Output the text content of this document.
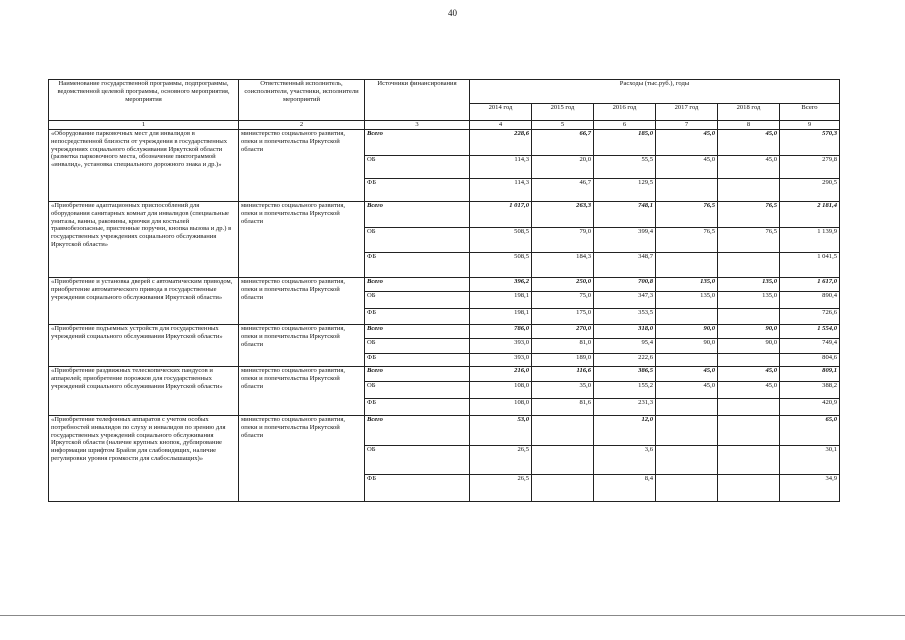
40
Наименование государственной программы, подпрограммы, ведомственной целевой программы, основного мероприятия, мероприятия	Ответственный исполнитель, соисполнители, участники, исполнители мероприятий	Источники финансирования	Расходы (тыс.руб.), годы					
			2014 год	2015 год	2016 год	2017 год	2018 год	Всего
1	2	3	4	5	6	7	8	9
«Оборудование парковочных мест для инвалидов в непосредственной близости от учреждения в государственных учреждениях социального обслуживания Иркутской области (разметка парковочного места, обозначение пиктограммой «инвалид», установка специального дорожного знака и др.)»	министерство социального развития, опеки и попечительства Иркутской области	Всего	228,6	66,7	185,0	45,0	45,0	570,3

		ОБ	114,3	20,0	55,5	45,0	45,0	279,8

		ФБ	114,3	46,7	129,5			290,5
«Приобретение адаптационных приспособлений для оборудования санитарных комнат для инвалидов (специальные унитазы, ванны, раковины, крючки для костылей травмобезопасные, пристенные поручни, кнопка вызова и др.) в государственных учреждениях социального обслуживания Иркутской области»	министерство социального развития, опеки и попечительства Иркутской области	Всего	1 017,0	263,3	748,1	76,5	76,5	2 181,4

		ОБ	508,5	79,0	399,4	76,5	76,5	1 139,9

		ФБ	508,5	184,3	348,7			1 041,5
«Приобретение и установка дверей с автоматическим приводом, приобретение автоматического привода в государственные учреждения социального обслуживания Иркутской области»	министерство социального развития, опеки и попечительства Иркутской области	Всего	396,2	250,0	700,8	135,0	135,0	1 617,0

		ОБ	198,1	75,0	347,3	135,0	135,0	890,4

		ФБ	198,1	175,0	353,5			726,6
«Приобретение подъемных устройств для государственных учреждений социального обслуживания Иркутской области»	министерство социального развития, опеки и попечительства Иркутской области	Всего	786,0	270,0	318,0	90,0	90,0	1 554,0

		ОБ	393,0	81,0	95,4	90,0	90,0	749,4

		ФБ	393,0	189,0	222,6			804,6
«Приобретение раздвижных телескопических пандусов и аппарелей; приобретение порожков для государственных учреждений социального обслуживания Иркутской области»	министерство социального развития, опеки и попечительства Иркутской области	Всего	216,0	116,6	386,5	45,0	45,0	809,1

		ОБ	108,0	35,0	155,2	45,0	45,0	388,2

		ФБ	108,0	81,6	231,3			420,9
«Приобретение телефонных аппаратов с учетом особых потребностей инвалидов по слуху и инвалидов по зрению для государственных учреждений социального обслуживания Иркутской области (наличие крупных кнопок, дублирование информации шрифтом Брайля для слабовидящих, наличие регулировки уровня громкости для слабослышащих)»	министерство социального развития, опеки и попечительства Иркутской области	Всего	53,0		12,0			65,0

		ОБ	26,5		3,6			30,1

		ФБ	26,5		8,4			34,9
